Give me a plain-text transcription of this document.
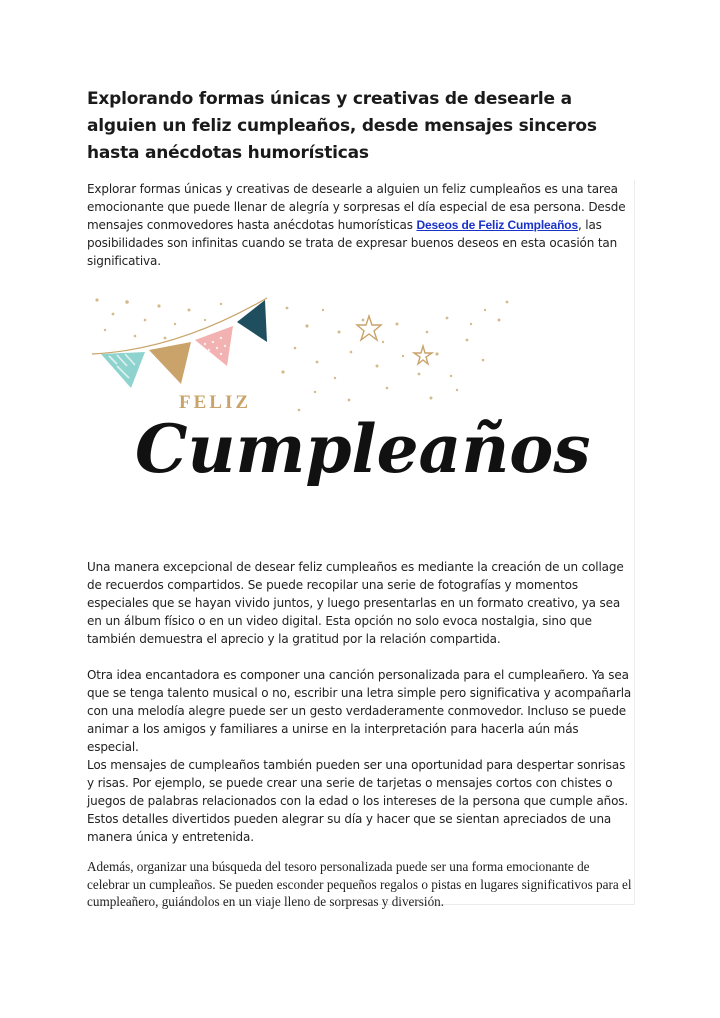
Explorando formas únicas y creativas de desearle a alguien un feliz cumpleaños, desde mensajes sinceros hasta anécdotas humorísticas

Explorar formas únicas y creativas de desearle a alguien un feliz cumpleaños es una tarea emocionante que puede llenar de alegría y sorpresas el día especial de esa persona. Desde mensajes conmovedores hasta anécdotas humorísticas Deseos de Feliz Cumpleaños, las posibilidades son infinitas cuando se trata de expresar buenos deseos en esta ocasión tan significativa.

FELIZ
Cumpleaños

Una manera excepcional de desear feliz cumpleaños es mediante la creación de un collage de recuerdos compartidos. Se puede recopilar una serie de fotografías y momentos especiales que se hayan vivido juntos, y luego presentarlas en un formato creativo, ya sea en un álbum físico o en un video digital. Esta opción no solo evoca nostalgia, sino que también demuestra el aprecio y la gratitud por la relación compartida.

Otra idea encantadora es componer una canción personalizada para el cumpleañero. Ya sea que se tenga talento musical o no, escribir una letra simple pero significativa y acompañarla con una melodía alegre puede ser un gesto verdaderamente conmovedor. Incluso se puede animar a los amigos y familiares a unirse en la interpretación para hacerla aún más especial.

Los mensajes de cumpleaños también pueden ser una oportunidad para despertar sonrisas y risas. Por ejemplo, se puede crear una serie de tarjetas o mensajes cortos con chistes o juegos de palabras relacionados con la edad o los intereses de la persona que cumple años. Estos detalles divertidos pueden alegrar su día y hacer que se sientan apreciados de una manera única y entretenida.

Además, organizar una búsqueda del tesoro personalizada puede ser una forma emocionante de celebrar un cumpleaños. Se pueden esconder pequeños regalos o pistas en lugares significativos para el cumpleañero, guiándolos en un viaje lleno de sorpresas y diversión.
